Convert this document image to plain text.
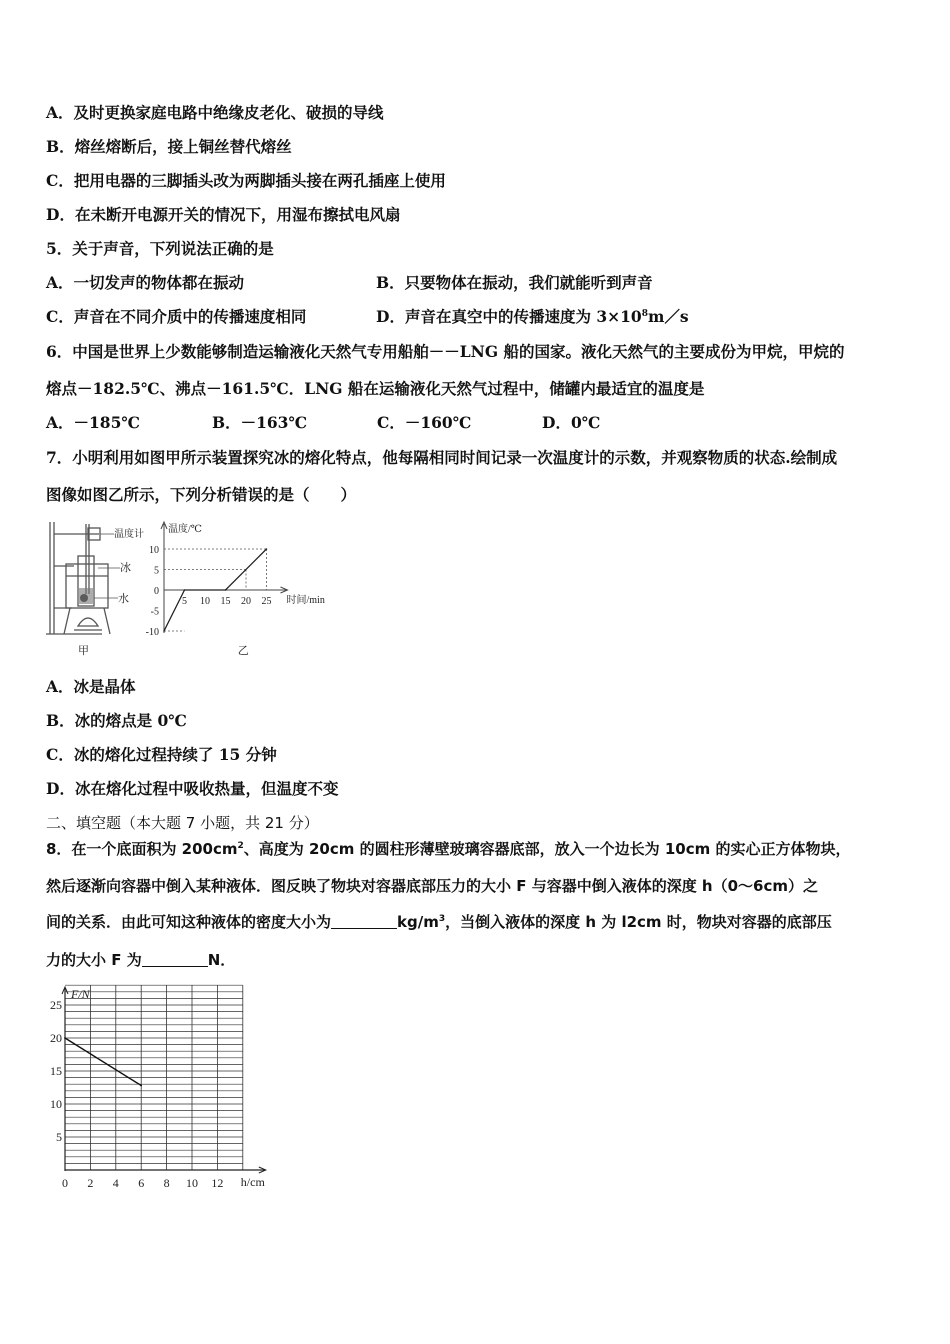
A．及时更换家庭电路中绝缘皮老化、破损的导线
B．熔丝熔断后，接上铜丝替代熔丝
C．把用电器的三脚插头改为两脚插头接在两孔插座上使用
D．在未断开电源开关的情况下，用湿布擦拭电风扇
5．关于声音，下列说法正确的是
A．一切发声的物体都在振动	B．只要物体在振动，我们就能听到声音
C．声音在不同介质中的传播速度相同	D．声音在真空中的传播速度为 $3\times 10^8m/s$
6．中国是世界上少数能够制造运输液化天然气专用船舶－－LNG 船的国家。液化天然气的主要成份为甲烷，甲烷的
熔点－182.5℃、沸点－161.5℃．LNG 船在运输液化天然气过程中，储罐内最适宜的温度是
A．－185℃	B．－163℃	C．－160℃	D．0℃
7．小明利用如图甲所示装置探究冰的熔化特点，他每隔相同时间记录一次温度计的示数，并观察物质的状态.绘制成
图像如图乙所示，下列分析错误的是（　　）
温度计
冰
水
甲
温度/℃
时间/min
10
5
0
-5
-10
5 10 15 20 25
乙
A．冰是晶体
B．冰的熔点是 0℃
C．冰的熔化过程持续了 15 分钟
D．冰在熔化过程中吸收热量，但温度不变
二、填空题（本大题 7 小题，共 21 分）
8．在一个底面积为 $200cm^2$、高度为 20cm 的圆柱形薄壁玻璃容器底部，放入一个边长为 10cm 的实心正方体物块，
然后逐渐向容器中倒入某种液体．图反映了物块对容器底部压力的大小 F 与容器中倒入液体的深度 h（0～6cm）之
间的关系．由此可知这种液体的密度大小为	$kg/m^3$，当倒入液体的深度 h 为 l2cm 时，物块对容器的底部压
力的大小 F 为	N．
F/N
h/cm
25
20
15
10
5
0 2 4 6 8 10 12
